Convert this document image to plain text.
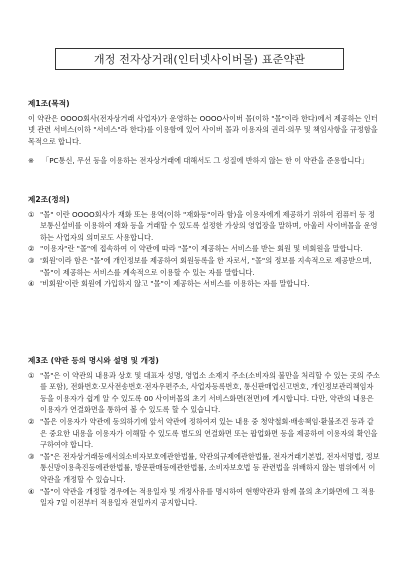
개정 전자상거래(인터넷사이버몰) 표준약관

제1조(목적)

이 약관은 OOOO회사(전자상거래 사업자)가 운영하는 OOOO사이버 몰(이하 "몰"이라 한다)에서 제공하는 인터넷 관련 서비스(이하 "서비스"라 한다)를 이용함에 있어 사이버 몰과 이용자의 권리·의무 및 책임사항을 규정함을 목적으로 합니다.

※	「PC통신, 무선 등을 이용하는 전자상거래에 대해서도 그 성질에 반하지 않는 한 이 약관을 준용합니다」

제2조(정의)

① "몰" 이란 OOOO회사가 재화 또는 용역(이하 "재화등"이라 함)을 이용자에게 제공하기 위하여 컴퓨터 등 정보통신설비를 이용하여 재화 등을 거래할 수 있도록 설정한 가상의 영업장을 말하며, 아울러 사이버몰을 운영하는 사업자의 의미로도 사용합니다.
② "이용자"란 "몰"에 접속하여 이 약관에 따라 "몰"이 제공하는 서비스를 받는 회원 및 비회원을 말합니다.
③ '회원'이라 함은 "몰"에 개인정보를 제공하여 회원등록을 한 자로서, "몰"의 정보를 지속적으로 제공받으며, "몰"이 제공하는 서비스를 계속적으로 이용할 수 있는 자를 말합니다.
④ '비회원'이란 회원에 가입하지 않고 "몰"이 제공하는 서비스를 이용하는 자를 말합니다.

제3조 (약관 등의 명시와 설명 및 개정)

① "몰"은 이 약관의 내용과 상호 및 대표자 성명, 영업소 소재지 주소(소비자의 불만을 처리할 수 있는 곳의 주소를 포함), 전화번호·모사전송번호·전자우편주소, 사업자등록번호, 통신판매업신고번호, 개인정보관리책임자등을 이용자가 쉽게 알 수 있도록 00 사이버몰의 초기 서비스화면(전면)에 게시합니다. 다만, 약관의 내용은 이용자가 연결화면을 통하여 볼 수 있도록 할 수 있습니다.
② "몰은 이용자가 약관에 동의하기에 앞서 약관에 정하여져 있는 내용 중 청약철회·배송책임·환불조건 등과 같은 중요한 내용을 이용자가 이해할 수 있도록 별도의 연결화면 또는 팝업화면 등을 제공하여 이용자의 확인을 구하여야 합니다.
③ "몰"은 전자상거래등에서의소비자보호에관한법률, 약관의규제에관한법률, 전자거래기본법, 전자서명법, 정보통신망이용촉진등에관한법률, 방문판매등에관한법률, 소비자보호법 등 관련법을 위배하지 않는 범위에서 이 약관을 개정할 수 있습니다.
④ "몰"이 약관을 개정할 경우에는 적용일자 및 개정사유를 명시하여 현행약관과 함께 몰의 초기화면에 그 적용일자 7일 이전부터 적용일자 전일까지 공지합니다.
